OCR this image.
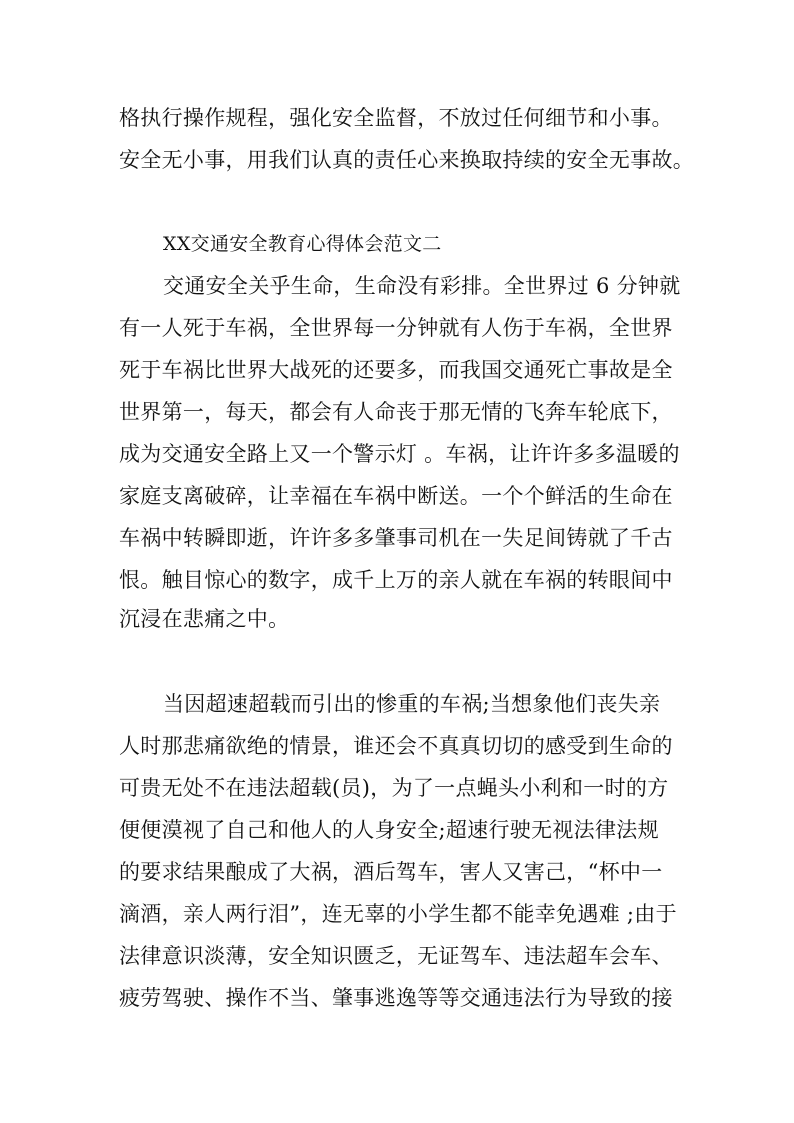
格执行操作规程，强化安全监督，不放过任何细节和小事。
安全无小事，用我们认真的责任心来换取持续的安全无事故。
XX交通安全教育心得体会范文二
交通安全关乎生命，生命没有彩排。全世界过 6 分钟就
有一人死于车祸，全世界每一分钟就有人伤于车祸，全世界
死于车祸比世界大战死的还要多，而我国交通死亡事故是全
世界第一，每天，都会有人命丧于那无情的飞奔车轮底下，
成为交通安全路上又一个警示灯 。车祸，让许许多多温暖的
家庭支离破碎，让幸福在车祸中断送。一个个鲜活的生命在
车祸中转瞬即逝，许许多多肇事司机在一失足间铸就了千古
恨。触目惊心的数字，成千上万的亲人就在车祸的转眼间中
沉浸在悲痛之中。
当因超速超载而引出的惨重的车祸;当想象他们丧失亲
人时那悲痛欲绝的情景，谁还会不真真切切的感受到生命的
可贵无处不在违法超载(员)，为了一点蝇头小利和一时的方
便便漠视了自己和他人的人身安全;超速行驶无视法律法规
的要求结果酿成了大祸，酒后驾车，害人又害己，“杯中一
滴酒，亲人两行泪”，连无辜的小学生都不能幸免遇难 ;由于
法律意识淡薄，安全知识匮乏，无证驾车、违法超车会车、
疲劳驾驶、操作不当、肇事逃逸等等交通违法行为导致的接
